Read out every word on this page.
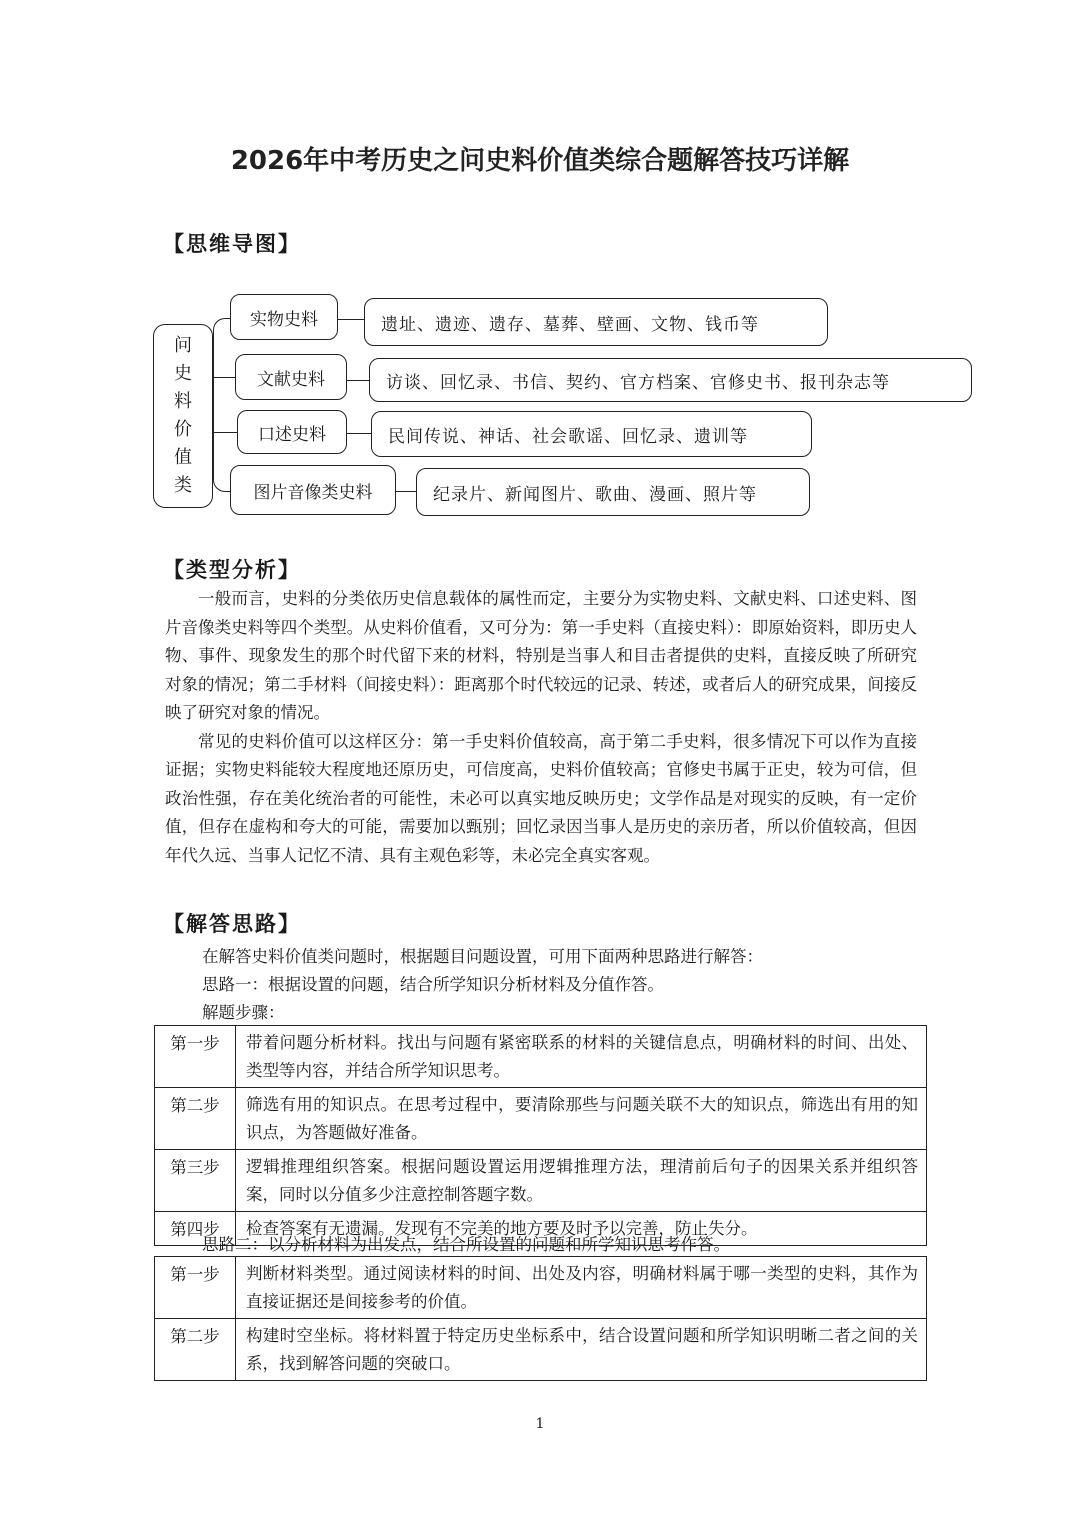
2026年中考历史之问史料价值类综合题解答技巧详解
【思维导图】
问
史
料
价
值
类
实物史料	遗址、遗迹、遗存、墓葬、壁画、文物、钱币等
文献史料	访谈、回忆录、书信、契约、官方档案、官修史书、报刊杂志等
口述史料	民间传说、神话、社会歌谣、回忆录、遗训等
图片音像类史料	纪录片、新闻图片、歌曲、漫画、照片等
【类型分析】

一般而言，史料的分类依历史信息载体的属性而定，主要分为实物史料、文献史料、口述史料、图片音像类史料等四个类型。从史料价值看，又可分为：第一手史料（直接史料）：即原始资料，即历史人物、事件、现象发生的那个时代留下来的材料，特别是当事人和目击者提供的史料，直接反映了所研究对象的情况；第二手材料（间接史料）：距离那个时代较远的记录、转述，或者后人的研究成果，间接反映了研究对象的情况。

常见的史料价值可以这样区分：第一手史料价值较高，高于第二手史料，很多情况下可以作为直接证据；实物史料能较大程度地还原历史，可信度高，史料价值较高；官修史书属于正史，较为可信，但政治性强，存在美化统治者的可能性，未必可以真实地反映历史；文学作品是对现实的反映，有一定价值，但存在虚构和夸大的可能，需要加以甄别；回忆录因当事人是历史的亲历者，所以价值较高，但因年代久远、当事人记忆不清、具有主观色彩等，未必完全真实客观。

【解答思路】
在解答史料价值类问题时，根据题目问题设置，可用下面两种思路进行解答：
思路一：根据设置的问题，结合所学知识分析材料及分值作答。
解题步骤：
第一步	带着问题分析材料。找出与问题有紧密联系的材料的关键信息点，明确材料的时间、出处、类型等内容，并结合所学知识思考。
第二步	筛选有用的知识点。在思考过程中，要清除那些与问题关联不大的知识点，筛选出有用的知识点，为答题做好准备。
第三步	逻辑推理组织答案。根据问题设置运用逻辑推理方法，理清前后句子的因果关系并组织答案，同时以分值多少注意控制答题字数。
第四步	检查答案有无遗漏。发现有不完美的地方要及时予以完善，防止失分。
思路二：以分析材料为出发点，结合所设置的问题和所学知识思考作答。
第一步	判断材料类型。通过阅读材料的时间、出处及内容，明确材料属于哪一类型的史料，其作为直接证据还是间接参考的价值。
第二步	构建时空坐标。将材料置于特定历史坐标系中，结合设置问题和所学知识明晰二者之间的关系，找到解答问题的突破口。
1
